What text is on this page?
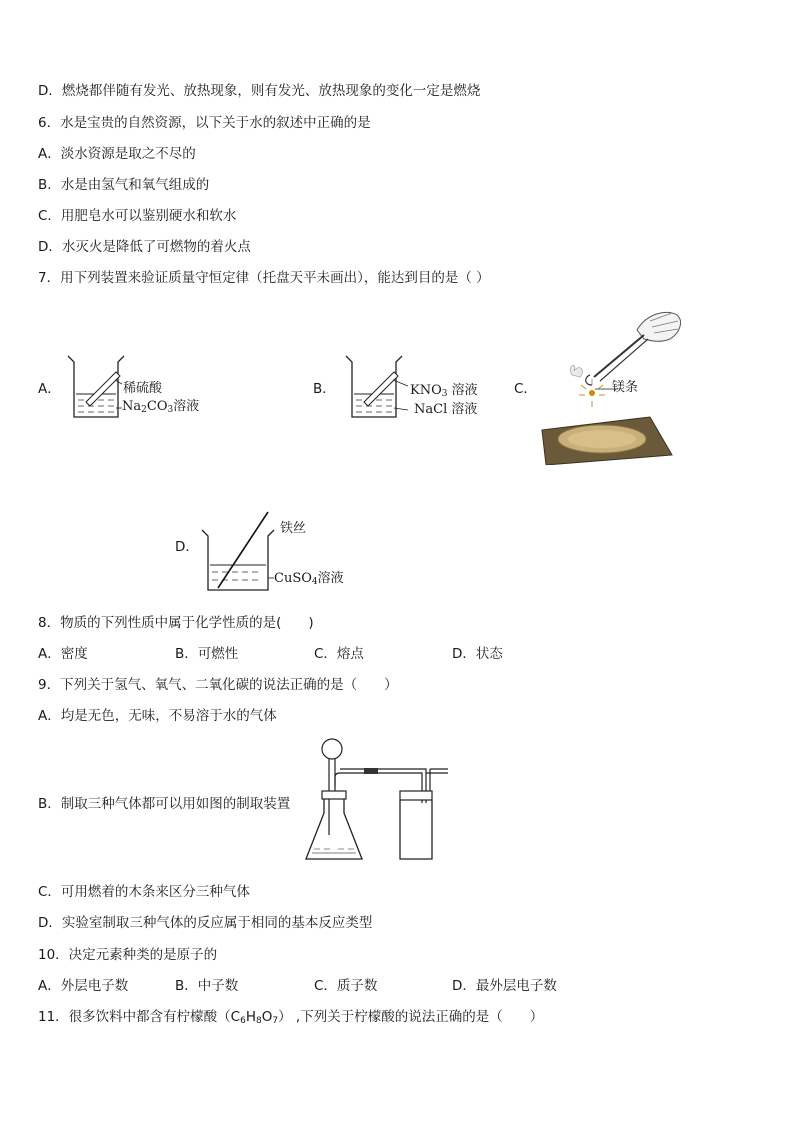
D．燃烧都伴随有发光、放热现象，则有发光、放热现象的变化一定是燃烧
6．水是宝贵的自然资源，以下关于水的叙述中正确的是
A．淡水资源是取之不尽的
B．水是由氢气和氧气组成的
C．用肥皂水可以鉴别硬水和软水
D．水灭火是降低了可燃物的着火点
7．用下列装置来验证质量守恒定律（托盘天平未画出），能达到目的是（ ）
A．	稀硫酸
$Na_2CO_3$溶液
B．	$KNO_3$ 溶液
NaCl 溶液
C．	镁条
D．
铁丝
CuSO$_4$溶液
8．物质的下列性质中属于化学性质的是(　　)
A．密度	B．可燃性	C．熔点	D．状态
9．下列关于氢气、氧气、二氧化碳的说法正确的是（　　）
A．均是无色，无味，不易溶于水的气体
B．制取三种气体都可以用如图的制取装置
C．可用燃着的木条来区分三种气体
D．实验室制取三种气体的反应属于相同的基本反应类型
10．决定元素种类的是原子的
A．外层电子数	B．中子数	C．质子数	D．最外层电子数
11．很多饮料中都含有柠檬酸$(C_6H_8O_7)$ ,下列关于柠檬酸的说法正确的是（　　）
